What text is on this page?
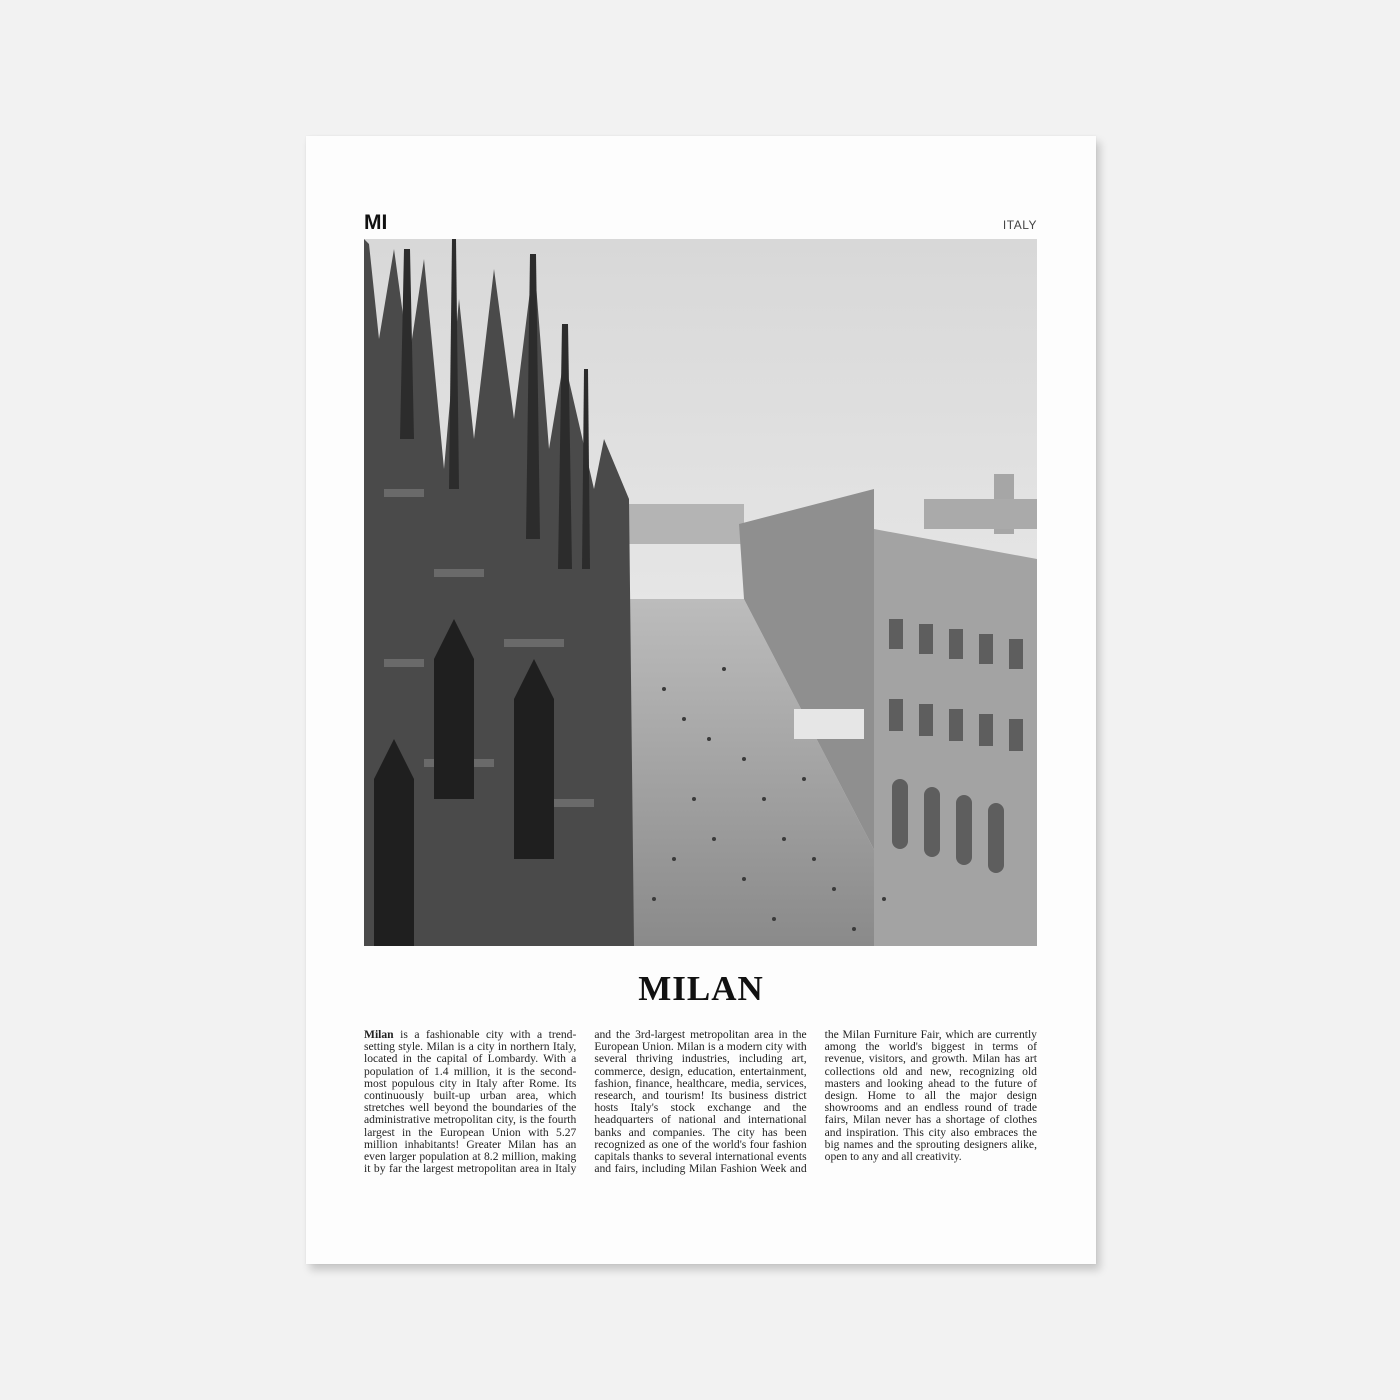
MI	ITALY
MILAN
Milan is a fashionable city with a trend-setting style. Milan is a city in northern Italy, located in the capital of Lombardy. With a population of 1.4 million, it is the second-most populous city in Italy after Rome. Its continuously built-up urban area, which stretches well beyond the boundaries of the administrative metropolitan city, is the fourth largest in the European Union with 5.27 million inhabitants! Greater Milan has an even larger population at 8.2 million, making it by far the largest metropolitan area in Italy and the 3rd-largest metropolitan area in the European Union. Milan is a modern city with several thriving industries, including art, commerce, design, education, entertainment, fashion, finance, healthcare, media, services, research, and tourism! Its business district hosts Italy's stock exchange and the headquarters of national and international banks and companies. The city has been recognized as one of the world's four fashion capitals thanks to several international events and fairs, including Milan Fashion Week and the Milan Furniture Fair, which are currently among the world's biggest in terms of revenue, visitors, and growth. Milan has art collections old and new, recognizing old masters and looking ahead to the future of design. Home to all the major design showrooms and an endless round of trade fairs, Milan never has a shortage of clothes and inspiration. This city also embraces the big names and the sprouting designers alike, open to any and all creativity.
